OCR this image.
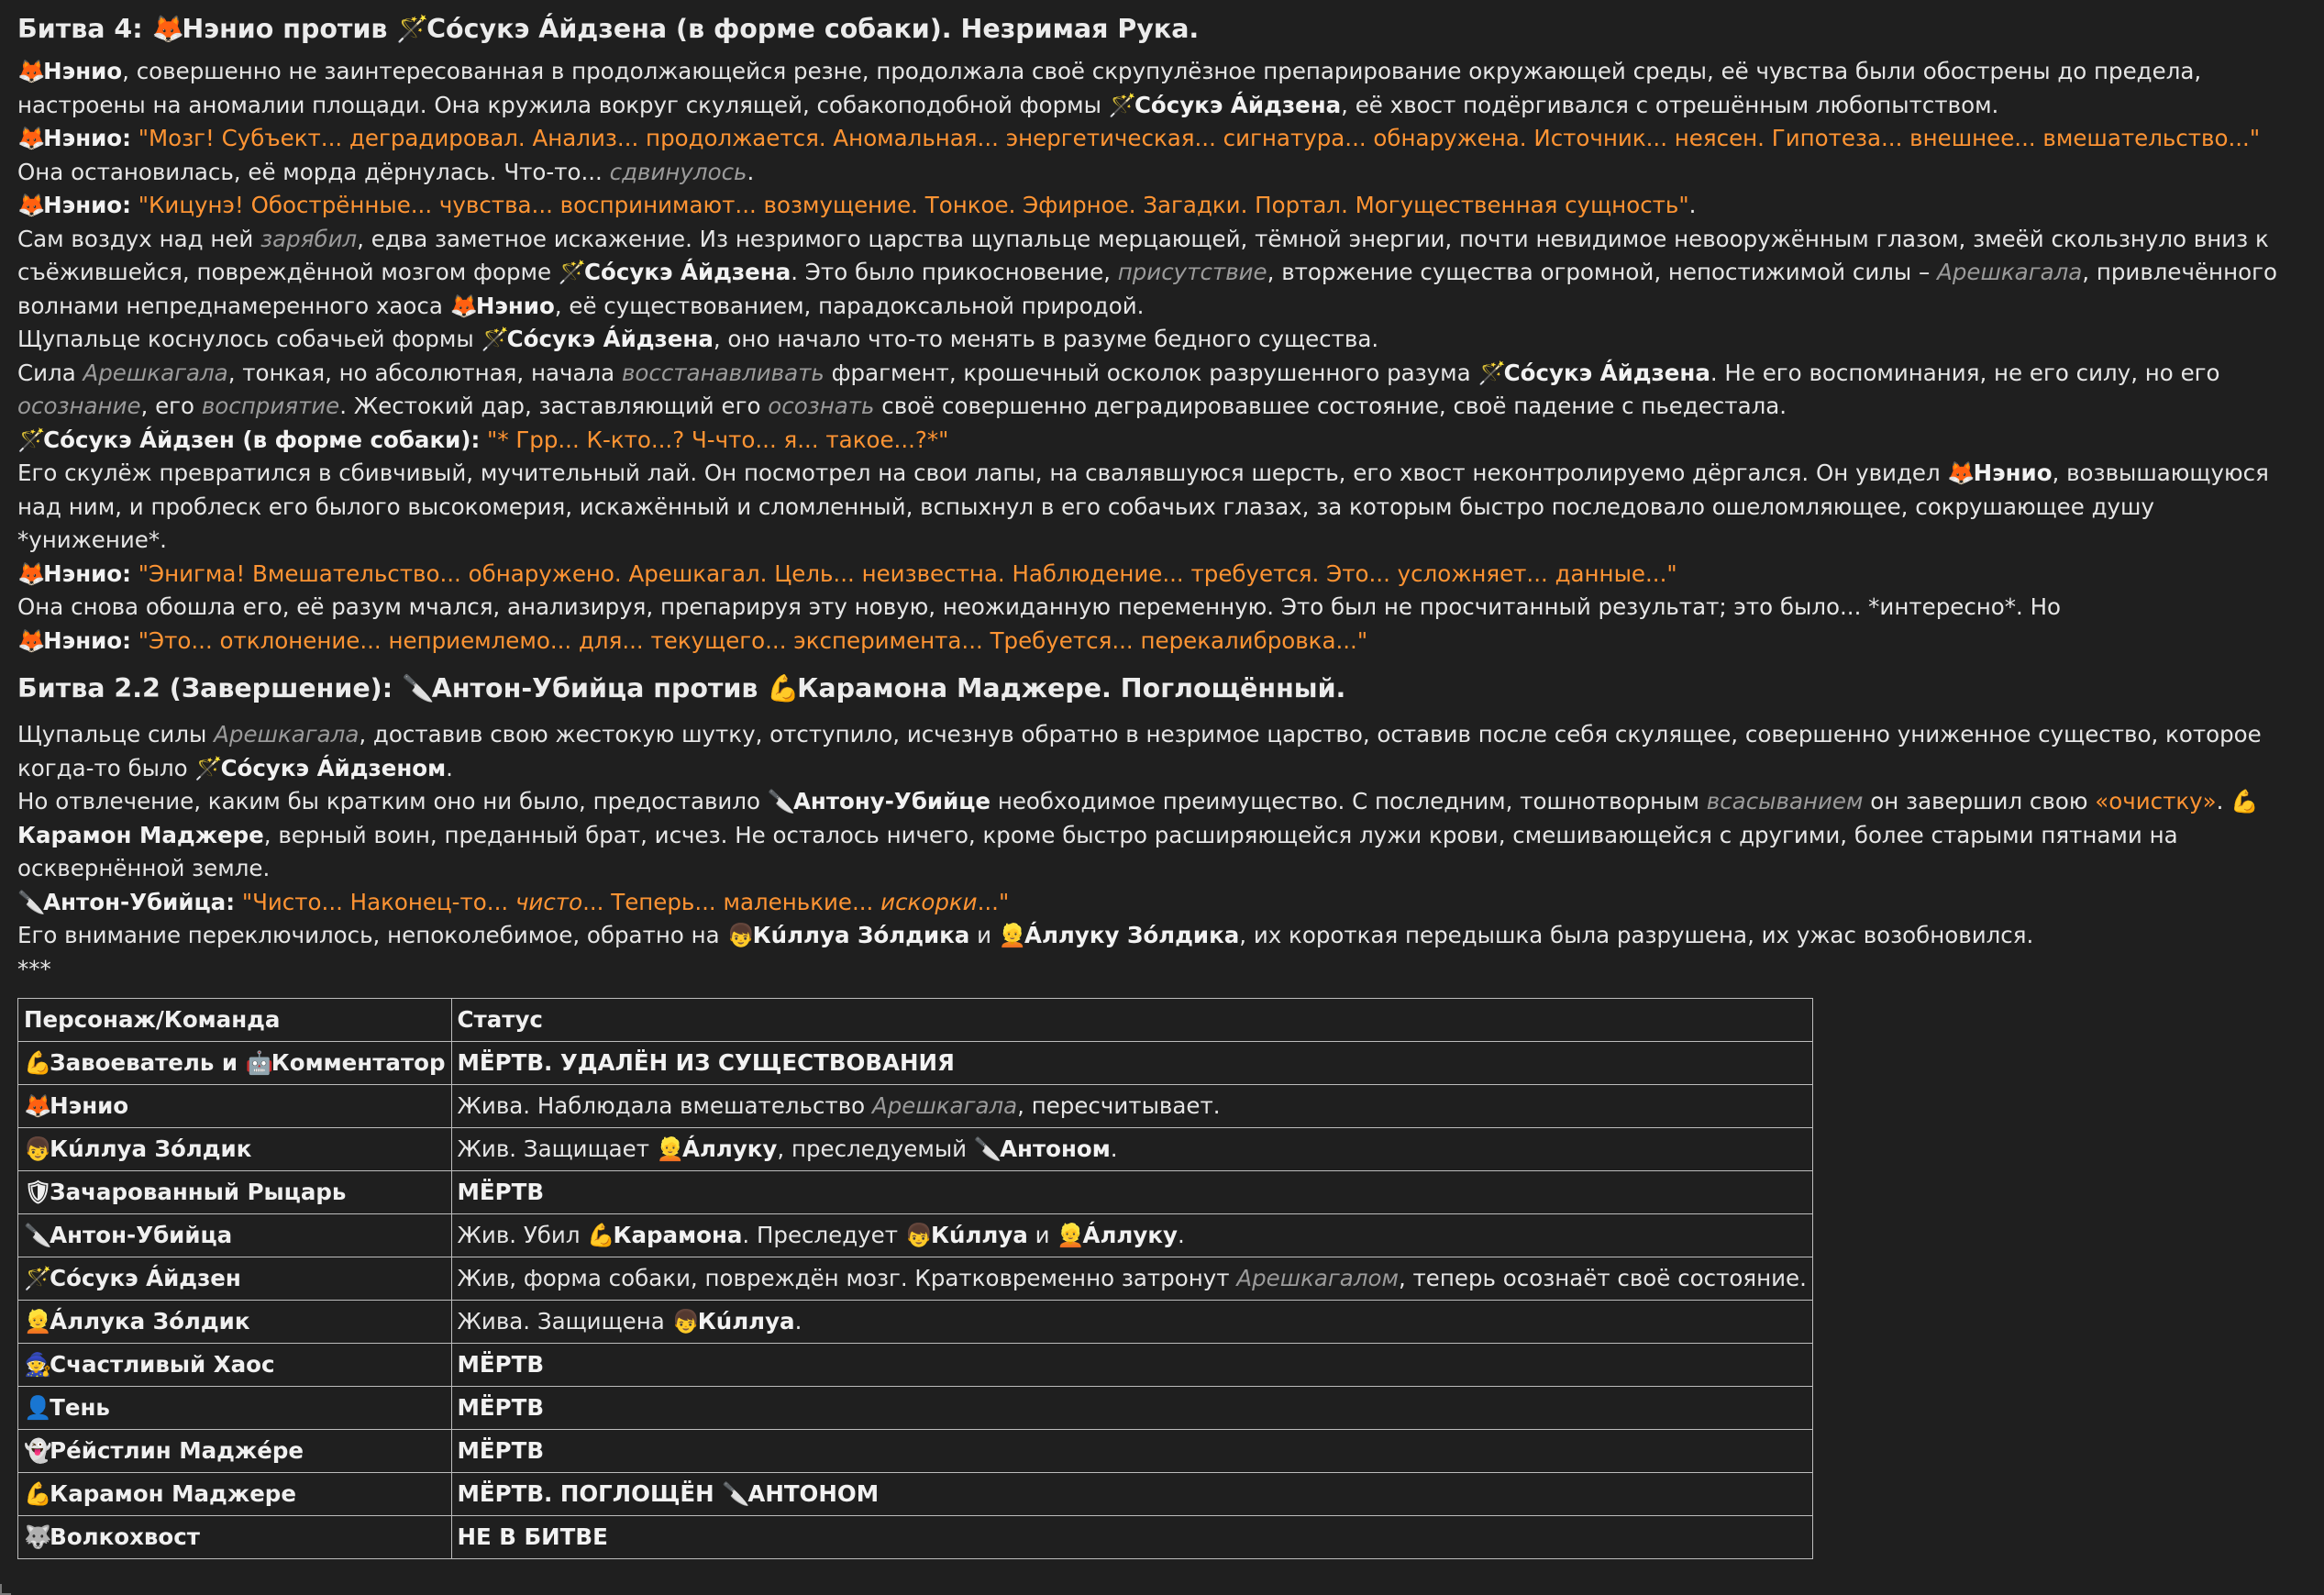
Битва 4: 🦊Нэнио против 🪄Сóсукэ Áйдзена (в форме собаки). Незримая Рука.

🦊Нэнио, совершенно не заинтересованная в продолжающейся резне, продолжала своё скрупулёзное препарирование окружающей среды, её чувства были обострены до предела, настроены на аномалии площади. Она кружила вокруг скулящей, собакоподобной формы 🪄Сóсукэ Áйдзена, её хвост подёргивался с отрешённым любопытством.

🦊Нэнио: "Мозг! Субъект... деградировал. Анализ... продолжается. Аномальная... энергетическая... сигнатура... обнаружена. Источник... неясен. Гипотеза... внешнее... вмешательство..."

Она остановилась, её морда дёрнулась. Что-то... сдвинулось.

🦊Нэнио: "Кицунэ! Обострённые... чувства... воспринимают... возмущение. Тонкое. Эфирное. Загадки. Портал. Могущественная сущность".

Сам воздух над ней зарябил, едва заметное искажение. Из незримого царства щупальце мерцающей, тёмной энергии, почти невидимое невооружённым глазом, змеёй скользнуло вниз к съёжившейся, повреждённой мозгом форме 🪄Сóсукэ Áйдзена. Это было прикосновение, присутствие, вторжение существа огромной, непостижимой силы – Арешкагала, привлечённого волнами непреднамеренного хаоса 🦊Нэнио, её существованием, парадоксальной природой.

Щупальце коснулось собачьей формы 🪄Сóсукэ Áйдзена, оно начало что-то менять в разуме бедного существа.

Сила Арешкагала, тонкая, но абсолютная, начала восстанавливать фрагмент, крошечный осколок разрушенного разума 🪄Сóсукэ Áйдзена. Не его воспоминания, не его силу, но его осознание, его восприятие. Жестокий дар, заставляющий его осознать своё совершенно деградировавшее состояние, своё падение с пьедестала.

🪄Сóсукэ Áйдзен (в форме собаки): "* Грр... К-кто...? Ч-что... я... такое...?*"

Его скулёж превратился в сбивчивый, мучительный лай. Он посмотрел на свои лапы, на свалявшуюся шерсть, его хвост неконтролируемо дёргался. Он увидел 🦊Нэнио, возвышающуюся над ним, и проблеск его былого высокомерия, искажённый и сломленный, вспыхнул в его собачьих глазах, за которым быстро последовало ошеломляющее, сокрушающее душу *унижение*.

🦊Нэнио: "Энигма! Вмешательство... обнаружено. Арешкагал. Цель... неизвестна. Наблюдение... требуется. Это... усложняет... данные..."

Она снова обошла его, её разум мчался, анализируя, препарируя эту новую, неожиданную переменную. Это был не просчитанный результат; это было... *интересно*. Но

🦊Нэнио: "Это... отклонение... неприемлемо... для... текущего... эксперимента... Требуется... перекалибровка..."

Битва 2.2 (Завершение): 🔪Антон-Убийца против 💪Карамона Маджере. Поглощённый.

Щупальце силы Арешкагала, доставив свою жестокую шутку, отступило, исчезнув обратно в незримое царство, оставив после себя скулящее, совершенно униженное существо, которое когда-то было 🪄Сóсукэ Áйдзеном.

Но отвлечение, каким бы кратким оно ни было, предоставило 🔪Антону-Убийце необходимое преимущество. С последним, тошнотворным всасыванием он завершил свою «очистку». 💪Карамон Маджере, верный воин, преданный брат, исчез. Не осталось ничего, кроме быстро расширяющейся лужи крови, смешивающейся с другими, более старыми пятнами на осквернённой земле.

🔪Антон-Убийца: "Чисто... Наконец-то... чисто... Теперь... маленькие... искорки..."

Его внимание переключилось, непоколебимое, обратно на 👦Кúллуа Зóлдика и 👱Áллуку Зóлдика, их короткая передышка была разрушена, их ужас возобновился.

***

Персонаж/Команда	Статус
💪Завоеватель и 🤖Комментатор	МЁРТВ. УДАЛЁН ИЗ СУЩЕСТВОВАНИЯ
🦊Нэнио	Жива. Наблюдала вмешательство Арешкагала, пересчитывает.
👦Кúллуа Зóлдик	Жив. Защищает 👱Áллуку, преследуемый 🔪Антоном.
🛡Зачарованный Рыцарь	МЁРТВ
🔪Антон-Убийца	Жив. Убил 💪Карамона. Преследует 👦Кúллуа и 👱Áллуку.
🪄Сóсукэ Áйдзен	Жив, форма собаки, повреждён мозг. Кратковременно затронут Арешкагалом, теперь осознаёт своё состояние.
👱Áллука Зóлдик	Жива. Защищена 👦Кúллуа.
🧙Счастливый Хаос	МЁРТВ
👤Тень	МЁРТВ
👻Рéйстлин Маджéре	МЁРТВ
💪Карамон Маджере	МЁРТВ. ПОГЛОЩЁН 🔪АНТОНОМ
🐺Волкохвост	НЕ В БИТВЕ
